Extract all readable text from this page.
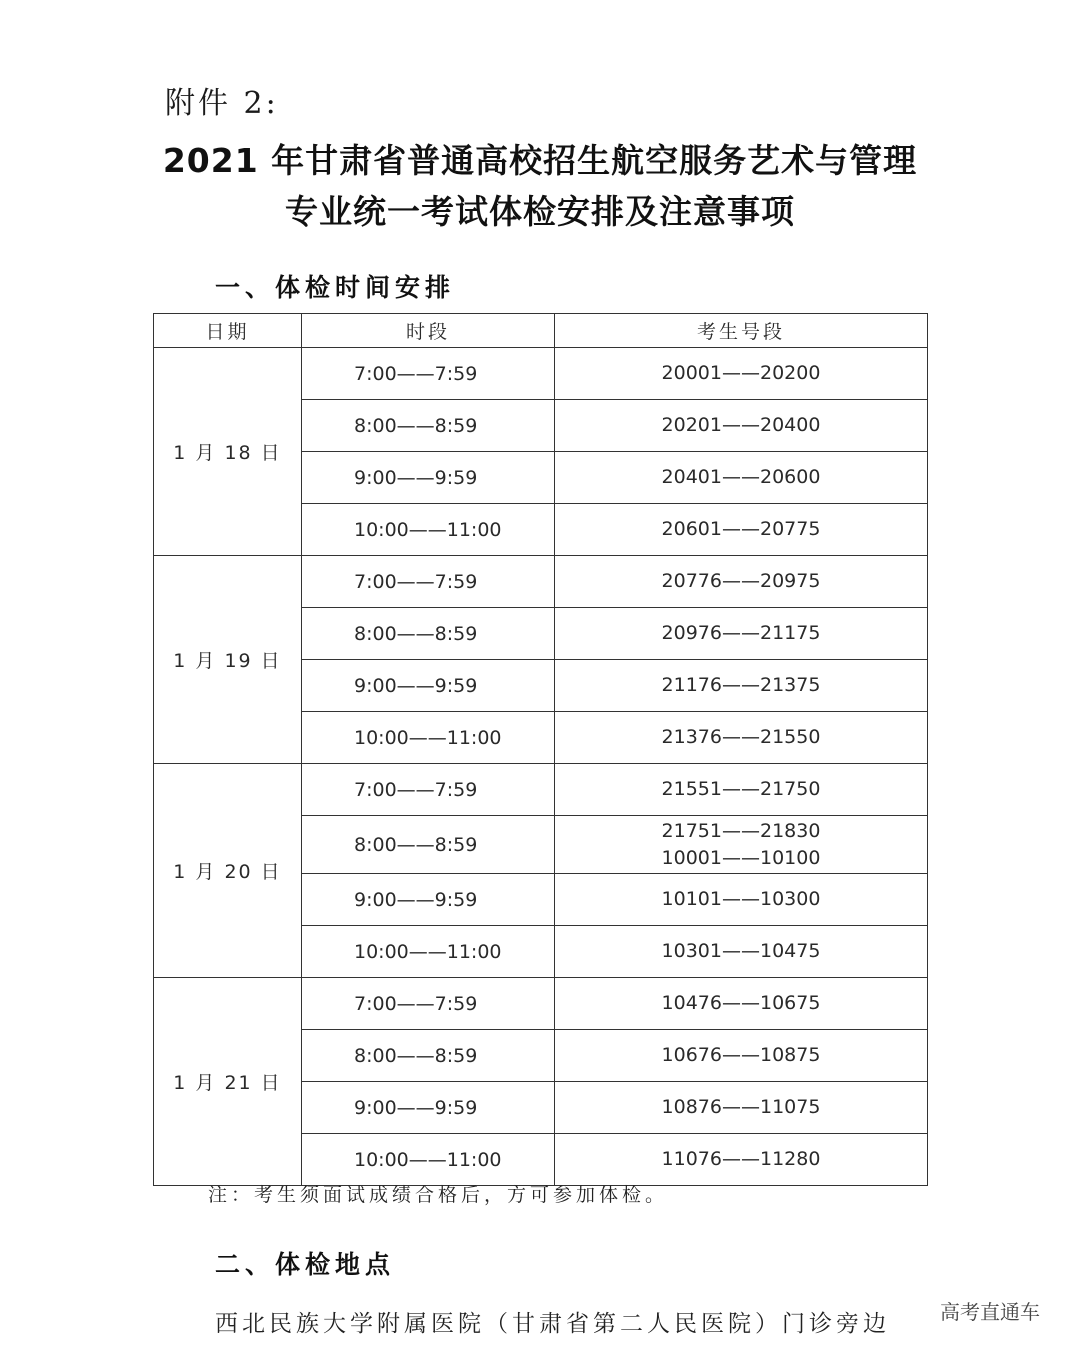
附件 2:
2021 年甘肃省普通高校招生航空服务艺术与管理
专业统一考试体检安排及注意事项
一、体检时间安排
日期	时段	考生号段
1 月 18 日	7:00——7:59	20001——20200

	8:00——8:59	20201——20400

	9:00——9:59	20401——20600

	10:00——11:00	20601——20775

1 月 19 日	7:00——7:59	20776——20975

	8:00——8:59	20976——21175

	9:00——9:59	21176——21375

	10:00——11:00	21376——21550

1 月 20 日	7:00——7:59	21551——21750

	8:00——8:59	21751——21830
10001——10100

	9:00——9:59	10101——10300

	10:00——11:00	10301——10475

1 月 21 日	7:00——7:59	10476——10675

	8:00——8:59	10676——10875

	9:00——9:59	10876——11075

	10:00——11:00	11076——11280
注：考生须面试成绩合格后，方可参加体检。
二、体检地点
西北民族大学附属医院（甘肃省第二人民医院）门诊旁边	高考直通车
